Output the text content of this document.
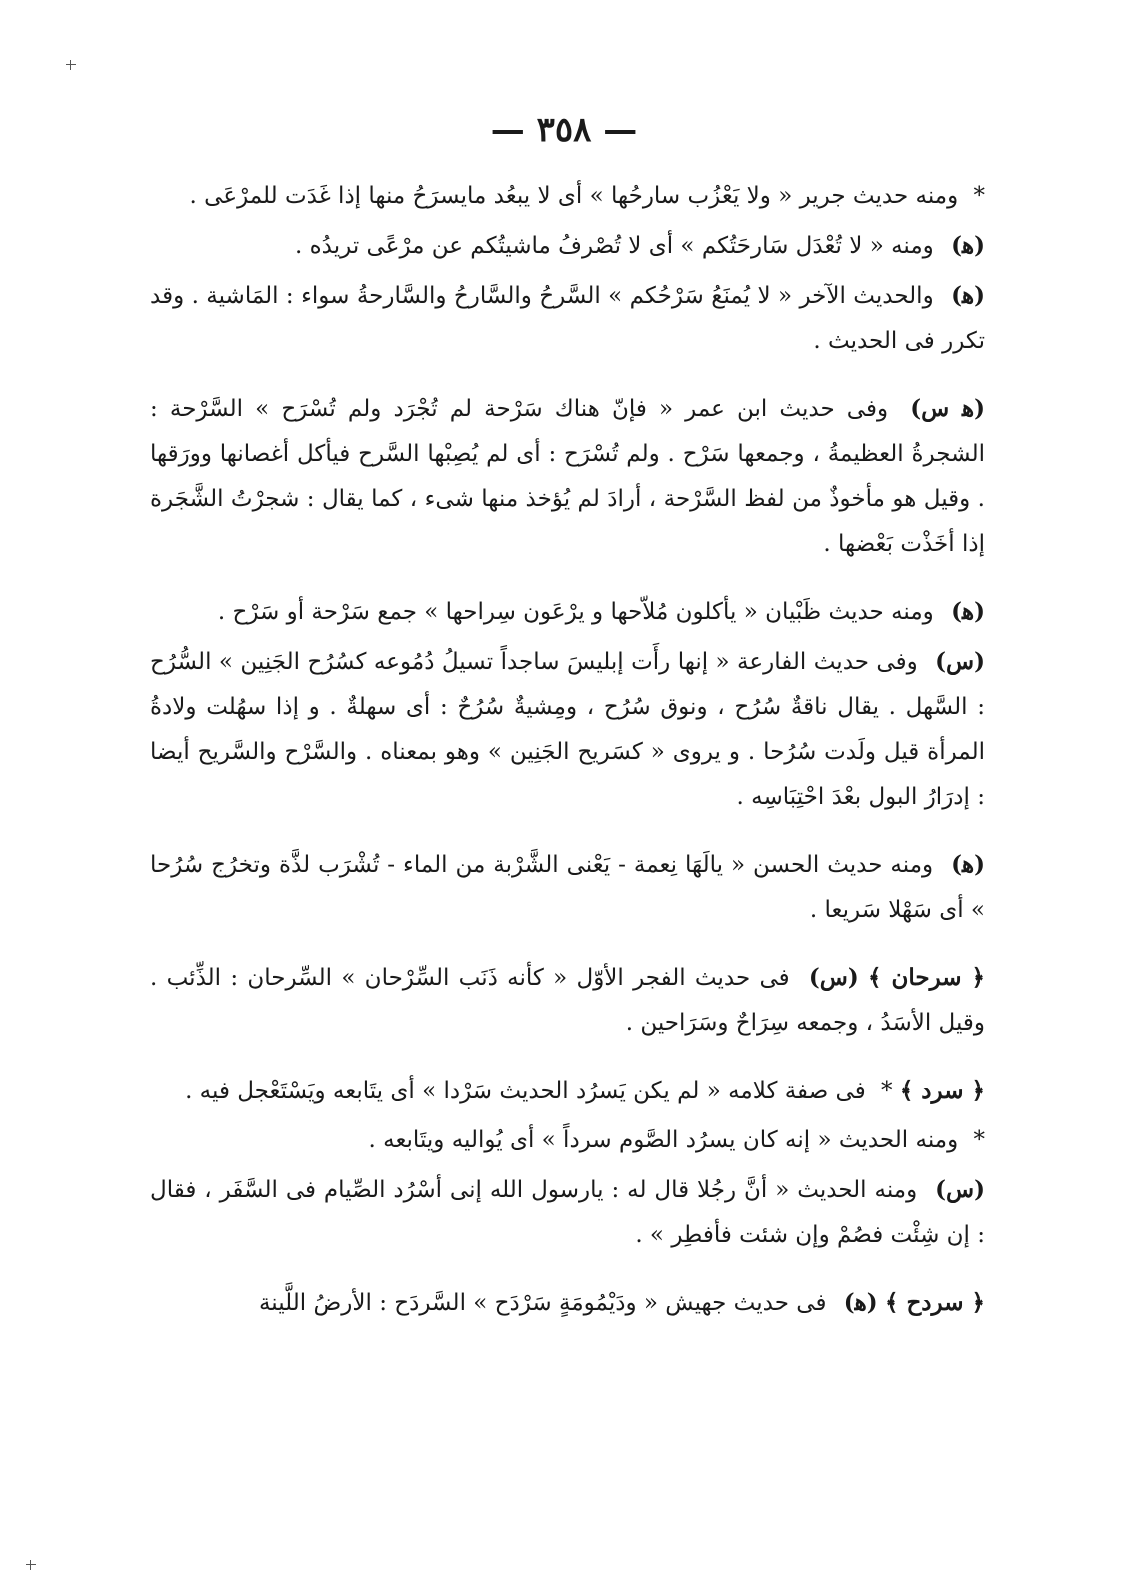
— ٣٥٨ —

* ومنه حديث جرير « ولا يَعْزُب سارحُها » أى لا يبعُد مايسرَحُ منها إذا غَدَت للمرْعَى .

(ﻫ) ومنه « لا تُعْدَل سَارحَتُكم » أى لا تُصْرفُ ماشيتُكم عن مرْعًى تريدُه .

(ﻫ) والحديث الآخر « لا يُمنَعُ سَرْحُكم » السَّرحُ والسَّارحُ والسَّارحةُ سواء : المَاشية . وقد تكرر فى الحديث .

(ﻫ س) وفى حديث ابن عمر « فإنّ هناك سَرْحة لم تُجْرَد ولم تُسْرَح » السَّرْحة : الشجرةُ العظيمةُ ، وجمعها سَرْح . ولم تُسْرَح : أى لم يُصِبْها السَّرح فيأكل أغصانها وورَقها . وقيل هو مأخوذٌ من لفظ السَّرْحة ، أرادَ لم يُؤخذ منها شىء ، كما يقال : شجرْتُ الشَّجَرة إذا أخَذْت بَعْضها .

(ﻫ) ومنه حديث ظَبْيان « يأكلون مُلاّحها و يرْعَون سِراحها » جمع سَرْحة أو سَرْح .

(س) وفى حديث الفارعة « إنها رأَت إبليسَ ساجداً تسيلُ دُمُوعه كسُرُح الجَنِين » السُّرُح : السَّهل . يقال ناقةٌ سُرُح ، ونوق سُرُح ، ومِشيةٌ سُرُحٌ : أى سهلةٌ . و إذا سهُلت ولادةُ المرأة قيل ولَدت سُرُحا . و يروى « كسَريح الجَنِين » وهو بمعناه . والسَّرْح والسَّريح أيضا : إدرَارُ البول بعْدَ احْتِبَاسِه .

(ﻫ) ومنه حديث الحسن « يالَهَا نِعمة - يَعْنى الشَّرْبة من الماء - تُشْرَب لذَّة وتخرُج سُرُحا » أى سَهْلا سَريعا .

﴿ سرحان ﴾ (س) فى حديث الفجر الأوّل « كأنه ذَنَب السِّرْحان » السِّرحان : الذِّئب . وقيل الأسَدُ ، وجمعه سِرَاحٌ وسَرَاحين .

﴿ سرد ﴾ * فى صفة كلامه « لم يكن يَسرُد الحديث سَرْدا » أى يتَابعه ويَسْتَعْجل فيه .

* ومنه الحديث « إنه كان يسرُد الصَّوم سرداً » أى يُواليه ويتَابعه .

(س) ومنه الحديث « أنَّ رجُلا قال له : يارسول الله إنى أسْرُد الصِّيام فى السَّفَر ، فقال : إن شِئْت فصُمْ وإن شئت فأفطِر » .

﴿ سردح ﴾ (ﻫ) فى حديث جهيش « ودَيْمُومَةٍ سَرْدَح » السَّردَح : الأرضُ اللَّينة
